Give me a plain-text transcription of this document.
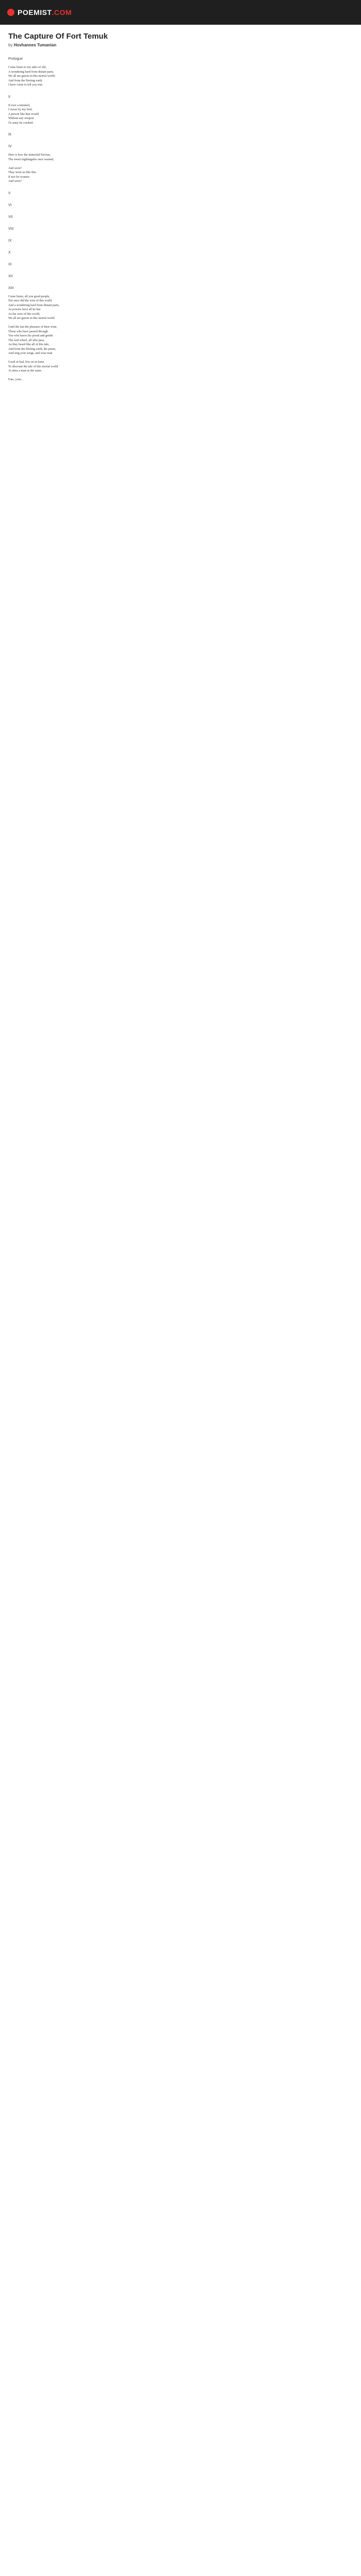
POEMIST .COM
The Capture Of Fort Temuk
by Hovhannes Tumanian
Prologue
Come listen to my tales of old,
A wondering bard from distant parts,
We all are guests in this mortal world;
And from the fleeting earth
I have come to tell you true.
II
If ever a minstrel,
I swear by my lord,
A person like that would
Without any weapon
Or army be crushed.
III
IV
Here is how the immortal Parvins,
The sweet nightingales once warned,

And were?
They went on like this.
If not for women
And were?
V
VI
VII
VIII
IX
X
XI
XII
XIII
Come listen, all you good people,
Not once did the wise of this world
And a wondering bard from distant parts,
As powers have all he has
As the wise of this world,
We all are guests in this mortal world

Until the last the pleasure of their wine,
Those who have passed through
You who know his proud and gentle
The lord wheel, all who pass,
As they heard like all of this tale,
And from the fleeting earth, the poem,
And sing your songs, and wise man

Good or bad, live on in fame.
To discount the tale of this mortal world
At alms a man as the same.

Fare, your...
